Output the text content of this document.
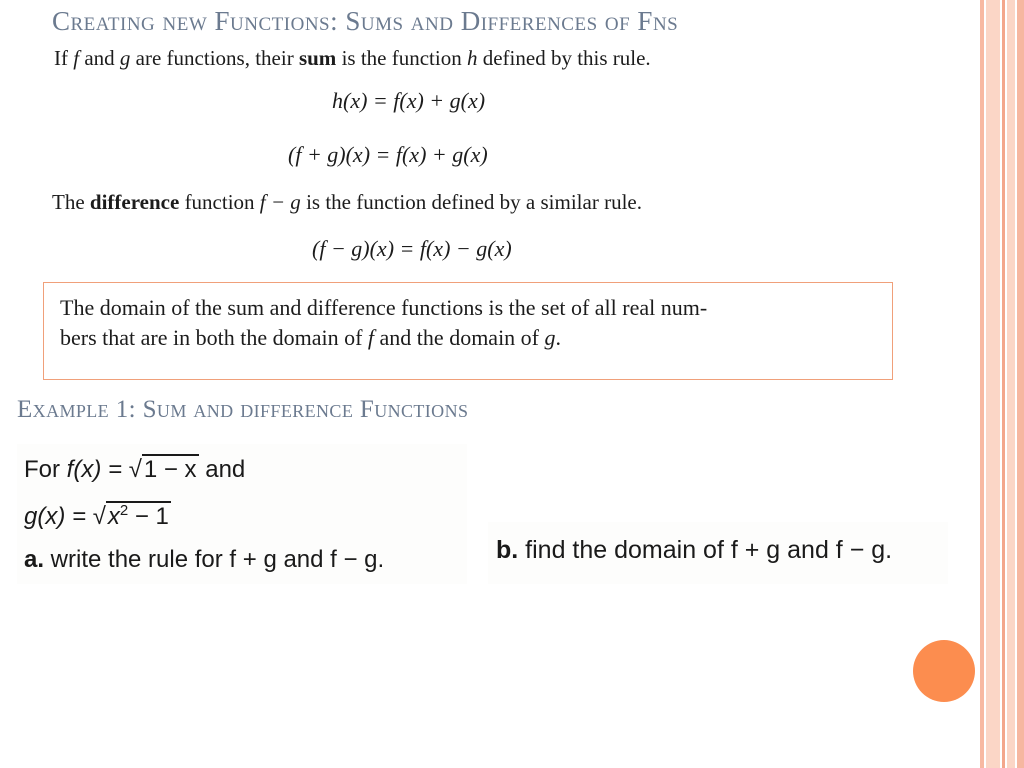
Creating new Functions: Sums and Differences of Fns
If f and g are functions, their sum is the function h defined by this rule.
h(x) = f(x) + g(x)
(f + g)(x) = f(x) + g(x)
The difference function f − g is the function defined by a similar rule.
(f − g)(x) = f(x) − g(x)
The domain of the sum and difference functions is the set of all real num-
bers that are in both the domain of f and the domain of g.
Example 1: Sum and difference Functions
For f(x) = √1 − x and
$g(x) = √x^2 - 1$
a. write the rule for f + g and f − g.	b. find the domain of f + g and f − g.
